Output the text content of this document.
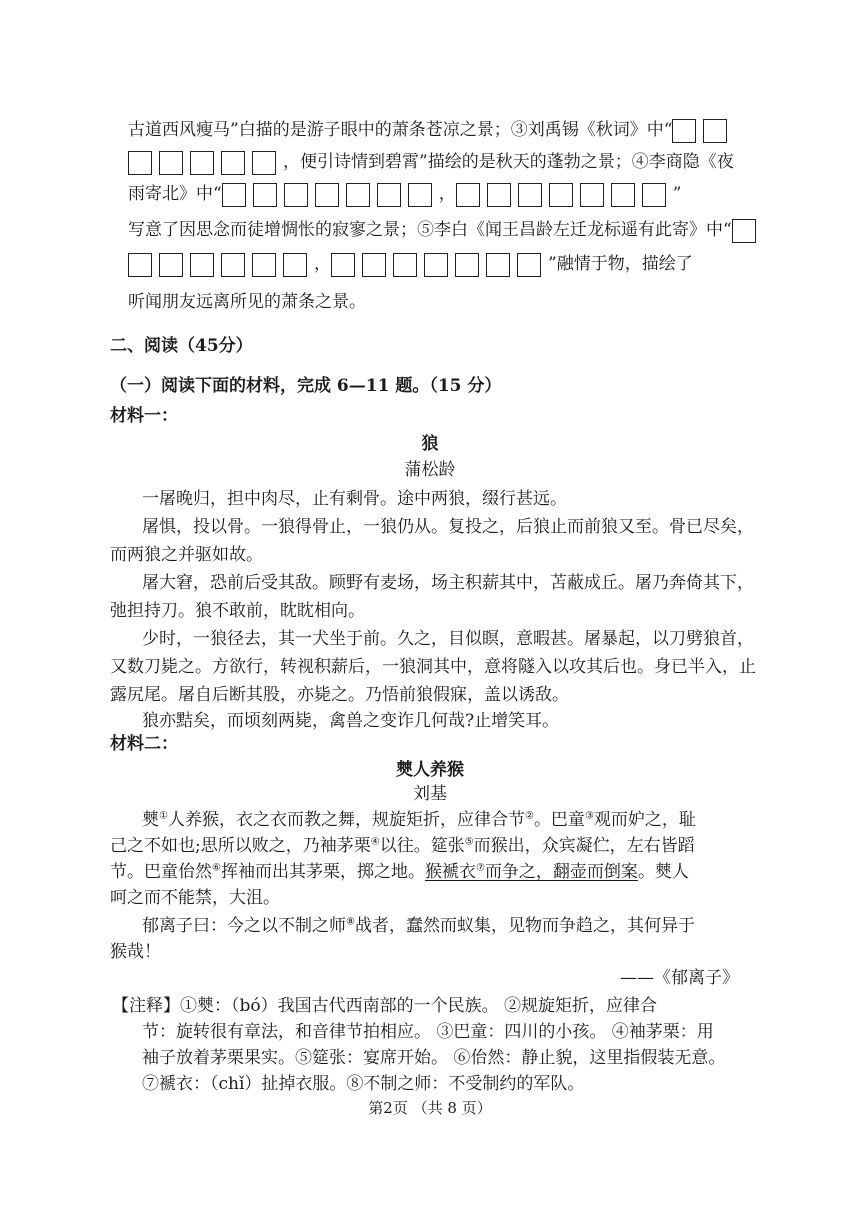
古道西风瘦马”白描的是游子眼中的萧条苍凉之景；③刘禹锡《秋词》中“
，便引诗情到碧霄”描绘的是秋天的蓬勃之景；④李商隐《夜
雨寄北》中“	，	”
写意了因思念而徒增惆怅的寂寥之景；⑤李白《闻王昌龄左迁龙标遥有此寄》中“
，	”融情于物，描绘了
听闻朋友远离所见的萧条之景。
二、阅读（45分）
（一）阅读下面的材料，完成 6—11 题。（15 分）
材料一：
狼
蒲松龄
一屠晚归，担中肉尽，止有剩骨。途中两狼，缀行甚远。
屠惧，投以骨。一狼得骨止，一狼仍从。复投之，后狼止而前狼又至。骨已尽矣，
而两狼之并驱如故。
屠大窘，恐前后受其敌。顾野有麦场，场主积薪其中，苫蔽成丘。屠乃奔倚其下，
弛担持刀。狼不敢前，眈眈相向。
少时，一狼径去，其一犬坐于前。久之，目似瞑，意暇甚。屠暴起，以刀劈狼首，
又数刀毙之。方欲行，转视积薪后，一狼洞其中，意将隧入以攻其后也。身已半入，止
露尻尾。屠自后断其股，亦毙之。乃悟前狼假寐，盖以诱敌。
狼亦黠矣，而顷刻两毙，禽兽之变诈几何哉?止增笑耳。
材料二：
僰人养猴
刘基
僰①人养猴，衣之衣而教之舞，规旋矩折，应律合节②。巴童③观而妒之，耻
己之不如也;思所以败之，乃袖茅栗④以往。筵张⑤而猴出，众宾凝伫，左右皆蹈
节。巴童佁然⑥挥袖而出其茅栗，掷之地。猴褫衣⑦而争之，翻壶而倒案。僰人
呵之而不能禁，大沮。
郁离子曰：今之以不制之师⑧战者，蠢然而蚁集，见物而争趋之，其何异于
猴哉！
——《郁离子》
【注释】①僰：（bó）我国古代西南部的一个民族。 ②规旋矩折，应律合
节：旋转很有章法，和音律节拍相应。 ③巴童：四川的小孩。 ④袖茅栗：用
袖子放着茅栗果实。⑤筵张：宴席开始。 ⑥佁然：静止貌，这里指假装无意。
⑦褫衣：（chǐ）扯掉衣服。⑧不制之师：不受制约的军队。
第2页 （共 8 页）
